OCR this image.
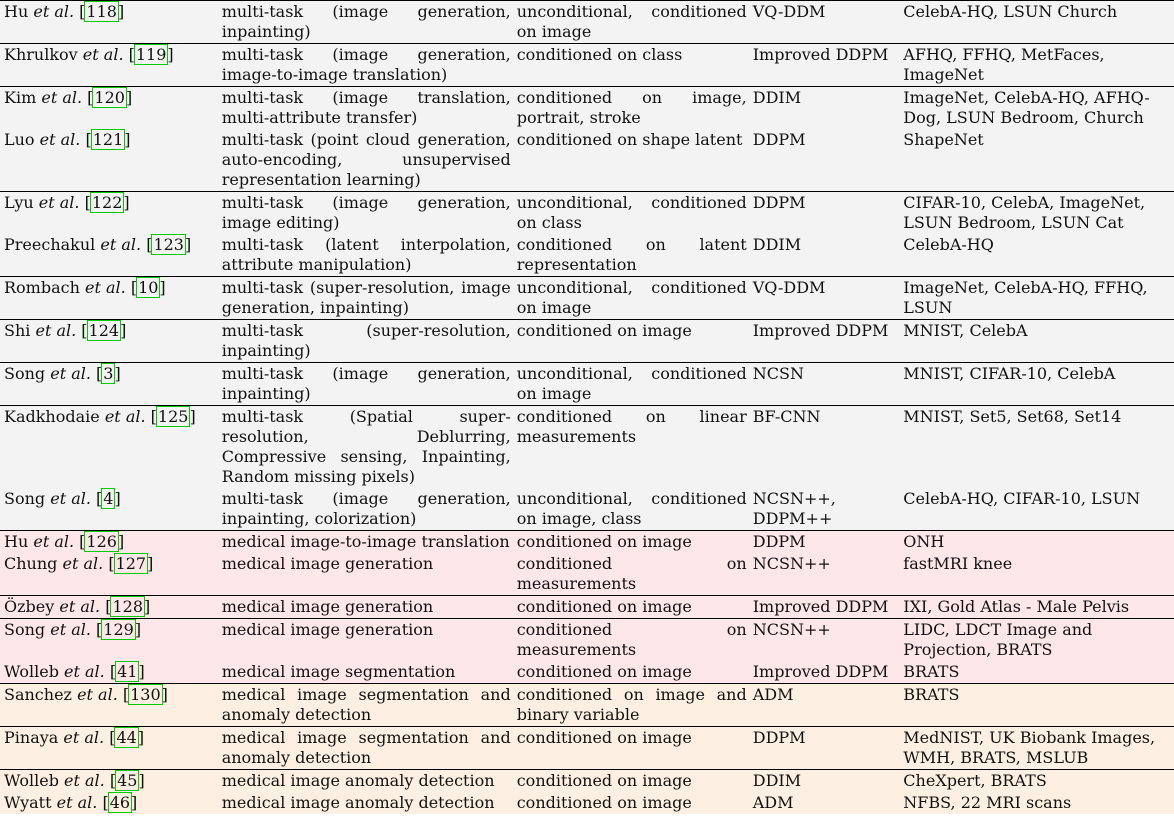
Hu et al. [118]	multi-task (image generation, inpainting)	unconditional, conditioned on image	VQ-DDM	CelebA-HQ, LSUN Church
Khrulkov et al. [119]	multi-task (image generation, image-to-image translation)	conditioned on class	Improved DDPM	AFHQ, FFHQ, MetFaces, ImageNet
Kim et al. [120]	multi-task (image translation, multi-attribute transfer)	conditioned on image, portrait, stroke	DDIM	ImageNet, CelebA-HQ, AFHQ-Dog, LSUN Bedroom, Church
Luo et al. [121]	multi-task (point cloud generation, auto-encoding, unsupervised representation learning)	conditioned on shape latent	DDPM	ShapeNet
Lyu et al. [122]	multi-task (image generation, image editing)	unconditional, conditioned on class	DDPM	CIFAR-10, CelebA, ImageNet, LSUN Bedroom, LSUN Cat
Preechakul et al. [123]	multi-task (latent interpolation, attribute manipulation)	conditioned on latent representation	DDIM	CelebA-HQ
Rombach et al. [10]	multi-task (super-resolution, image generation, inpainting)	unconditional, conditioned on image	VQ-DDM	ImageNet, CelebA-HQ, FFHQ, LSUN
Shi et al. [124]	multi-task (super-resolution, inpainting)	conditioned on image	Improved DDPM	MNIST, CelebA
Song et al. [3]	multi-task (image generation, inpainting)	unconditional, conditioned on image	NCSN	MNIST, CIFAR-10, CelebA
Kadkhodaie et al. [125]	multi-task (Spatial super-resolution, Deblurring, Compressive sensing, Inpainting, Random missing pixels)	conditioned on linear measurements	BF-CNN	MNIST, Set5, Set68, Set14
Song et al. [4]	multi-task (image generation, inpainting, colorization)	unconditional, conditioned on image, class	NCSN++, DDPM++	CelebA-HQ, CIFAR-10, LSUN
Hu et al. [126]	medical image-to-image translation	conditioned on image	DDPM	ONH
Chung et al. [127]	medical image generation	conditioned on measurements	NCSN++	fastMRI knee
Özbey et al. [128]	medical image generation	conditioned on image	Improved DDPM	IXI, Gold Atlas - Male Pelvis
Song et al. [129]	medical image generation	conditioned on measurements	NCSN++	LIDC, LDCT Image and Projection, BRATS
Wolleb et al. [41]	medical image segmentation	conditioned on image	Improved DDPM	BRATS
Sanchez et al. [130]	medical image segmentation and anomaly detection	conditioned on image and binary variable	ADM	BRATS
Pinaya et al. [44]	medical image segmentation and anomaly detection	conditioned on image	DDPM	MedNIST, UK Biobank Images, WMH, BRATS, MSLUB
Wolleb et al. [45]	medical image anomaly detection	conditioned on image	DDIM	CheXpert, BRATS
Wyatt et al. [46]	medical image anomaly detection	conditioned on image	ADM	NFBS, 22 MRI scans
